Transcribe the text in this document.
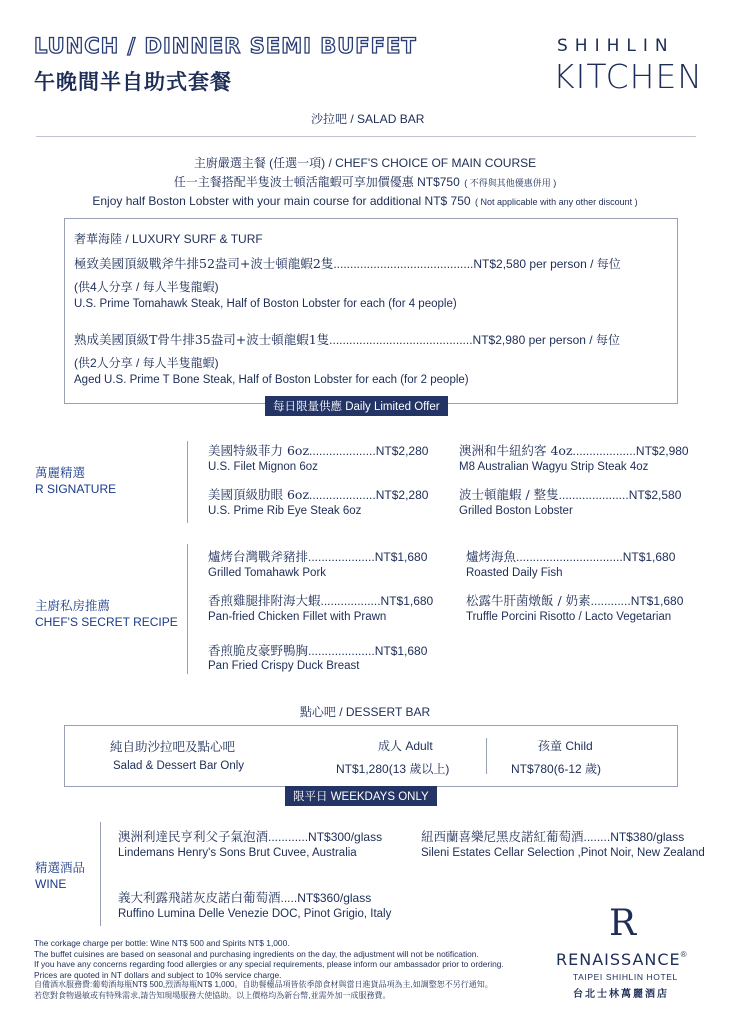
LUNCH / DINNER SEMI BUFFET
午晚間半自助式套餐
SHIHLIN
KITCHEN
沙拉吧 / SALAD BAR
主廚嚴選主餐 (任選一項) / CHEF'S CHOICE OF MAIN COURSE
任一主餐搭配半隻波士頓活龍蝦可享加價優惠 NT$750 ( 不得與其他優惠併用 )
Enjoy half Boston Lobster with your main course for additional NT$ 750 ( Not applicable with any other discount )
奢華海陸 / LUXURY SURF & TURF
極致美國頂級戰斧牛排52盎司+波士頓龍蝦2隻..........................................NT$2,580 per person / 每位
(供4人分享 / 每人半隻龍蝦)
U.S. Prime Tomahawk Steak, Half of Boston Lobster for each (for 4 people)
熟成美國頂級T骨牛排35盎司+波士頓龍蝦1隻...........................................NT$2,980 per person / 每位
(供2人分享 / 每人半隻龍蝦)
Aged U.S. Prime T Bone Steak, Half of Boston Lobster for each (for 2 people)
每日限量供應 Daily Limited Offer
萬麗精選
R SIGNATURE
美國特級菲力 6oz....................NT$2,280
U.S. Filet Mignon 6oz
美國頂級肋眼 6oz....................NT$2,280
U.S. Prime Rib Eye Steak 6oz
澳洲和牛紐約客 4oz...................NT$2,980
M8 Australian Wagyu Strip Steak 4oz
波士頓龍蝦 / 整隻.....................NT$2,580
Grilled Boston Lobster
主廚私房推薦
CHEF'S SECRET RECIPE
爐烤台灣戰斧豬排....................NT$1,680
Grilled Tomahawk Pork
香煎雞腿排附海大蝦..................NT$1,680
Pan-fried Chicken Fillet with Prawn
香煎脆皮豪野鴨胸....................NT$1,680
Pan Fried Crispy Duck Breast
爐烤海魚................................NT$1,680
Roasted Daily Fish
松露牛肝菌燉飯 / 奶素............NT$1,680
Truffle Porcini Risotto / Lacto Vegetarian
點心吧 / DESSERT BAR
純自助沙拉吧及點心吧
Salad & Dessert Bar Only
成人 Adult
NT$1,280(13 歲以上)
孩童 Child
NT$780(6-12 歲)
限平日 WEEKDAYS ONLY
精選酒品
WINE
澳洲利達民亨利父子氣泡酒............NT$300/glass
Lindemans Henry's Sons Brut Cuvee, Australia
紐西蘭喜樂尼黑皮諾紅葡萄酒........NT$380/glass
Sileni Estates Cellar Selection ,Pinot Noir, New Zealand
義大利露飛諾灰皮諾白葡萄酒.....NT$360/glass
Ruffino Lumina Delle Venezie DOC, Pinot Grigio, Italy
The corkage charge per bottle: Wine NT$ 500 and Spirits NT$ 1,000.
The buffet cuisines are based on seasonal and purchasing ingredients on the day, the adjustment will not be notification.
If you have any concerns regarding food allergies or any special requirements, please inform our ambassador prior to ordering.
Prices are quoted in NT dollars and subject to 10% service charge.
自備酒水服務費:葡萄酒每瓶NT$ 500,烈酒每瓶NT$ 1,000。自助餐檯品項皆依季節食材與當日進貨品項為主,如調整恕不另行通知。
若您對食物過敏或有特殊需求,請告知現場服務大使協助。以上價格均為新台幣,並需外加一成服務費。
R
RENAISSANCE®
TAIPEI SHIHLIN HOTEL
台北士林萬麗酒店
